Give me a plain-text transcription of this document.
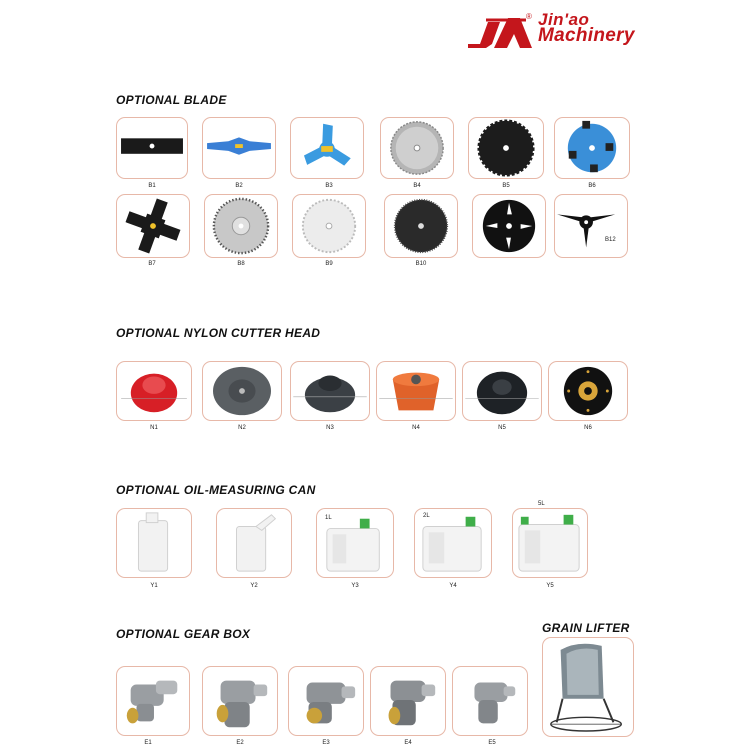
® Jin'ao
Machinery
OPTIONAL BLADE
OPTIONAL NYLON CUTTER HEAD
OPTIONAL OIL-MEASURING CAN
OPTIONAL GEAR BOX	GRAIN LIFTER
B1	B2	B3	B4	B5	B6
B7	B8	B9	B10
B12
N1	N2	N3	N4	N5	N6
Y1	Y2
1L
Y3
2L
Y4
5L
Y5
E1	E2	E3	E4	E5
